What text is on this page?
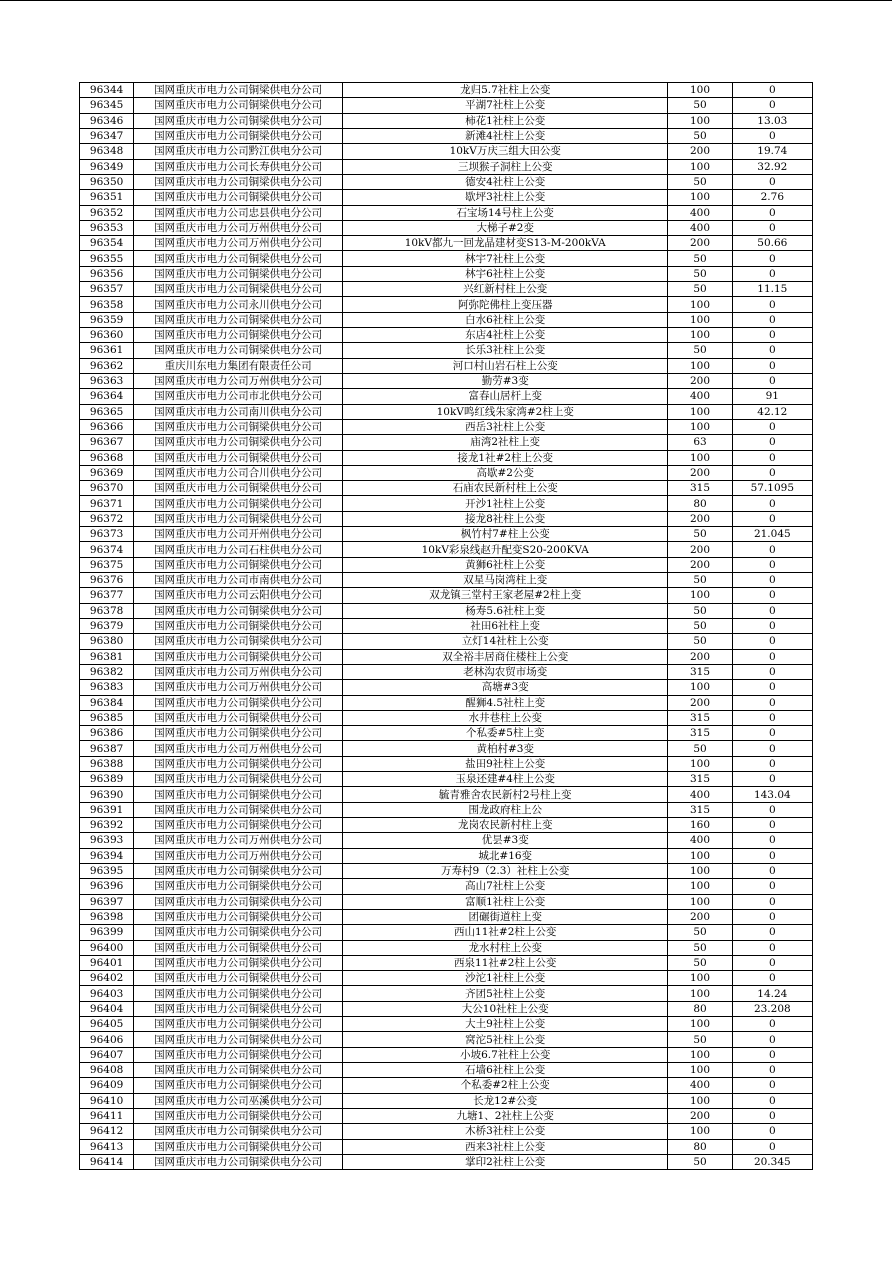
96344	国网重庆市电力公司铜梁供电分公司	龙归5.7社柱上公变	100	0
96345	国网重庆市电力公司铜梁供电分公司	平湖7社柱上公变	50	0
96346	国网重庆市电力公司铜梁供电分公司	柿花1社柱上公变	100	13.03
96347	国网重庆市电力公司铜梁供电分公司	新滩4社柱上公变	50	0
96348	国网重庆市电力公司黔江供电分公司	10kV万庆三组大田公变	200	19.74
96349	国网重庆市电力公司长寿供电分公司	三坝猴子洞柱上公变	100	32.92
96350	国网重庆市电力公司铜梁供电分公司	德安4社柱上公变	50	0
96351	国网重庆市电力公司铜梁供电分公司	歇坪3社柱上公变	100	2.76
96352	国网重庆市电力公司忠县供电分公司	石宝场14号柱上公变	400	0
96353	国网重庆市电力公司万州供电分公司	大梯子#2变	400	0
96354	国网重庆市电力公司万州供电分公司	10kV都九一回龙晶建材变S13-M-200kVA	200	50.66
96355	国网重庆市电力公司铜梁供电分公司	林宇7社柱上公变	50	0
96356	国网重庆市电力公司铜梁供电分公司	林宇6社柱上公变	50	0
96357	国网重庆市电力公司铜梁供电分公司	兴红新村柱上公变	50	11.15
96358	国网重庆市电力公司永川供电分公司	阿弥陀佛柱上变压器	100	0
96359	国网重庆市电力公司铜梁供电分公司	白水6社柱上公变	100	0
96360	国网重庆市电力公司铜梁供电分公司	东店4社柱上公变	100	0
96361	国网重庆市电力公司铜梁供电分公司	长乐3社柱上公变	50	0
96362	重庆川东电力集团有限责任公司	河口村山岩石柱上公变	100	0
96363	国网重庆市电力公司万州供电分公司	勤劳#3变	200	0
96364	国网重庆市电力公司市北供电分公司	富春山居杆上变	400	91
96365	国网重庆市电力公司南川供电分公司	10kV鸣红线朱家湾#2柱上变	100	42.12
96366	国网重庆市电力公司铜梁供电分公司	西岳3社柱上公变	100	0
96367	国网重庆市电力公司铜梁供电分公司	庙湾2社柱上变	63	0
96368	国网重庆市电力公司铜梁供电分公司	接龙1社#2柱上公变	100	0
96369	国网重庆市电力公司合川供电分公司	高歇#2公变	200	0
96370	国网重庆市电力公司铜梁供电分公司	石庙农民新村柱上公变	315	57.1095
96371	国网重庆市电力公司铜梁供电分公司	开沙1社柱上公变	80	0
96372	国网重庆市电力公司铜梁供电分公司	接龙8社柱上公变	200	0
96373	国网重庆市电力公司开州供电分公司	枫竹村7#柱上公变	50	21.045
96374	国网重庆市电力公司石柱供电分公司	10kV彩泉线赵升配变S20-200KVA	200	0
96375	国网重庆市电力公司铜梁供电分公司	黄狮6社柱上公变	200	0
96376	国网重庆市电力公司市南供电分公司	双星马岗湾柱上变	50	0
96377	国网重庆市电力公司云阳供电分公司	双龙镇三堂村王家老屋#2柱上变	100	0
96378	国网重庆市电力公司铜梁供电分公司	杨寿5.6社柱上变	50	0
96379	国网重庆市电力公司铜梁供电分公司	社田6社柱上变	50	0
96380	国网重庆市电力公司铜梁供电分公司	立灯14社柱上公变	50	0
96381	国网重庆市电力公司铜梁供电分公司	双全裕丰居商住楼柱上公变	200	0
96382	国网重庆市电力公司万州供电分公司	老林沟农贸市场变	315	0
96383	国网重庆市电力公司万州供电分公司	高塘#3变	100	0
96384	国网重庆市电力公司铜梁供电分公司	醒狮4.5社柱上变	200	0
96385	国网重庆市电力公司铜梁供电分公司	水井巷柱上公变	315	0
96386	国网重庆市电力公司铜梁供电分公司	个私委#5柱上变	315	0
96387	国网重庆市电力公司万州供电分公司	黄柏村#3变	50	0
96388	国网重庆市电力公司铜梁供电分公司	盐田9社柱上公变	100	0
96389	国网重庆市电力公司铜梁供电分公司	玉泉还建#4柱上公变	315	0
96390	国网重庆市电力公司铜梁供电分公司	毓青雅舍农民新村2号柱上变	400	143.04
96391	国网重庆市电力公司铜梁供电分公司	围龙政府柱上公	315	0
96392	国网重庆市电力公司铜梁供电分公司	龙岗农民新村柱上变	160	0
96393	国网重庆市电力公司万州供电分公司	优昙#3变	400	0
96394	国网重庆市电力公司万州供电分公司	城北#16变	100	0
96395	国网重庆市电力公司铜梁供电分公司	万寿村9（2.3）社柱上公变	100	0
96396	国网重庆市电力公司铜梁供电分公司	高山7社柱上公变	100	0
96397	国网重庆市电力公司铜梁供电分公司	富顺1社柱上公变	100	0
96398	国网重庆市电力公司铜梁供电分公司	团碾街道柱上变	200	0
96399	国网重庆市电力公司铜梁供电分公司	西山11社#2柱上公变	50	0
96400	国网重庆市电力公司铜梁供电分公司	龙水村柱上公变	50	0
96401	国网重庆市电力公司铜梁供电分公司	西泉11社#2柱上公变	50	0
96402	国网重庆市电力公司铜梁供电分公司	沙沱1社柱上公变	100	0
96403	国网重庆市电力公司铜梁供电分公司	齐团5社柱上公变	100	14.24
96404	国网重庆市电力公司铜梁供电分公司	大公10社柱上公变	80	23.208
96405	国网重庆市电力公司铜梁供电分公司	大土9社柱上公变	100	0
96406	国网重庆市电力公司铜梁供电分公司	窝沱5社柱上公变	50	0
96407	国网重庆市电力公司铜梁供电分公司	小坡6.7社柱上公变	100	0
96408	国网重庆市电力公司铜梁供电分公司	石墙6社柱上公变	100	0
96409	国网重庆市电力公司铜梁供电分公司	个私委#2柱上公变	400	0
96410	国网重庆市电力公司巫溪供电分公司	长龙12#公变	100	0
96411	国网重庆市电力公司铜梁供电分公司	九塘1、2社柱上公变	200	0
96412	国网重庆市电力公司铜梁供电分公司	木桥3社柱上公变	100	0
96413	国网重庆市电力公司铜梁供电分公司	西来3社柱上公变	80	0
96414	国网重庆市电力公司铜梁供电分公司	掌印2社柱上公变	50	20.345
